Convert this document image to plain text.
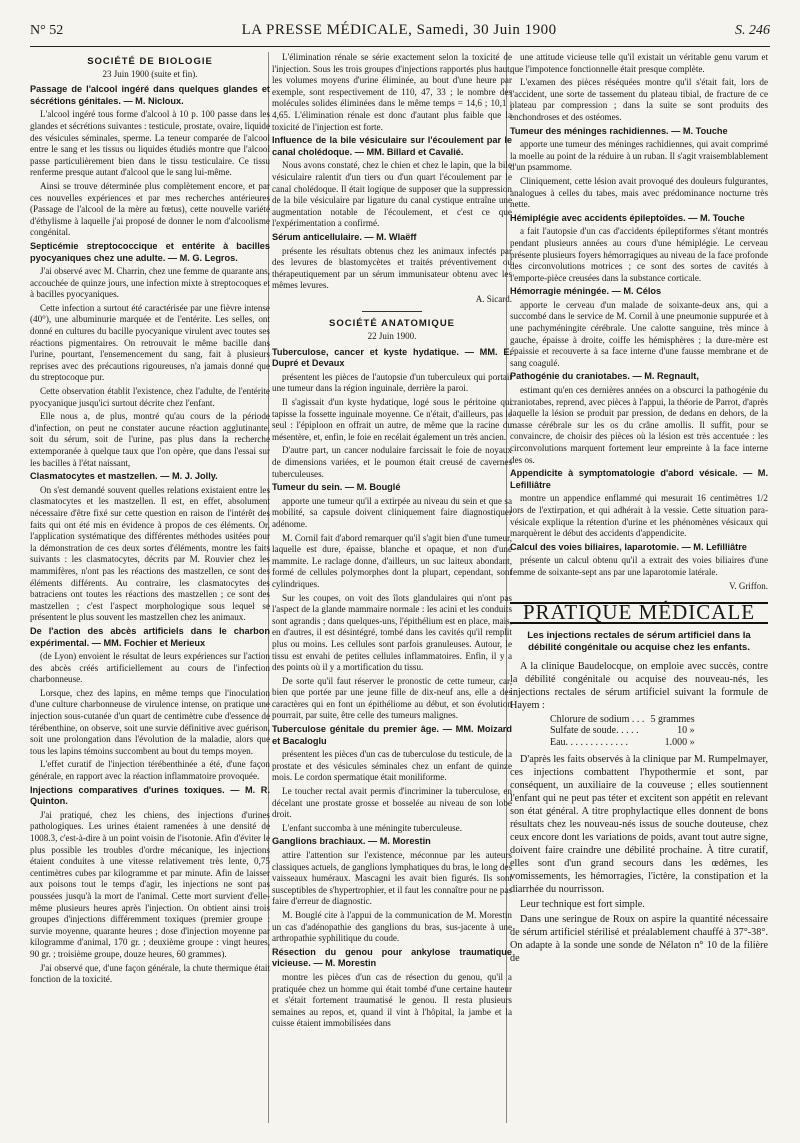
N° 52	LA PRESSE MÉDICALE, Samedi, 30 Juin 1900	S. 246
SOCIÉTÉ DE BIOLOGIE
23 Juin 1900 (suite et fin).

Passage de l'alcool ingéré dans quelques glandes et sécrétions génitales. — M. Nicloux.

L'alcool ingéré tous forme d'alcool à 10 p. 100 passe dans les glandes et sécrétions suivantes : testicule, prostate, ovaire, liquide des vésicules séminales, sperme. La teneur comparée de l'alcool entre le sang et les tissus ou liquides étudiés montre que l'alcool passe particulièrement bien dans le tissu testiculaire. Ce tissu renferme presque autant d'alcool que le sang lui-même.

Ainsi se trouve déterminée plus complètement encore, et par ces nouvelles expériences et par mes recherches antérieures (Passage de l'alcool de la mère au fœtus), cette nouvelle variété d'éthylisme à laquelle j'ai proposé de donner le nom d'alcoolisme congénital.

Septicémie streptococcique et entérite à bacilles pyocyaniques chez une adulte. — M. G. Legros.

J'ai observé avec M. Charrin, chez une femme de quarante ans, accouchée de quinze jours, une infection mixte à streptocoques et à bacilles pyocyaniques.

Cette infection a surtout été caractérisée par une fièvre intense (40°), une albuminurie marquée et de l'entérite. Les selles, ont donné en cultures du bacille pyocyanique virulent avec toutes ses réactions pigmentaires. On retrouvait le même bacille dans l'urine, pourtant, l'ensemencement du sang, fait à plusieurs reprises avec des précautions rigoureuses, n'a jamais donné que du streptocoque pur.

Cette observation établit l'existence, chez l'adulte, de l'entérite pyocyanique jusqu'ici surtout décrite chez l'enfant.

Elle nous a, de plus, montré qu'au cours de la période d'infection, on peut ne constater aucune réaction agglutinante, soit du sérum, soit de l'urine, pas plus dans la recherche extemporanée à quelque taux que l'on opère, que dans l'essai sur les bacilles à l'état naissant,

Clasmatocytes et mastzellen. — M. J. Jolly.

On s'est demandé souvent quelles relations existaient entre les clasmatocytes et les mastzellen. Il est, en effet, absolument nécessaire d'être fixé sur cette question en raison de l'intérêt des faits qui ont été mis en évidence à propos de ces éléments. Or, l'application systématique des différentes méthodes usitées pour la démonstration de ces deux sortes d'éléments, montre les faits suivants : les clasmatocytes, décrits par M. Rouvier chez les mammifères, n'ont pas les réactions des mastzellen, ce sont des éléments différents. Au contraire, les clasmatocytes des batraciens ont toutes les réactions des mastzellen ; ce sont des mastzellen ; c'est l'aspect morphologique sous lequel se présentent le plus souvent les mastzellen chez les animaux.

De l'action des abcès artificiels dans le charbon expérimental. — MM. Fochier et Merieux

(de Lyon) envoient le résultat de leurs expériences sur l'action des abcès créés artificiellement au cours de l'infection charbonneuse.

Lorsque, chez des lapins, en même temps que l'inoculation d'une culture charbonneuse de virulence intense, on pratique une injection sous-cutanée d'un quart de centimètre cube d'essence de térébenthine, on observe, soit une survie définitive avec guérison, soit une prolongation dans l'évolution de la maladie, alors que tous les lapins témoins succombent au bout du temps moyen.

L'effet curatif de l'injection térébenthinée a été, d'une façon générale, en rapport avec la réaction inflammatoire provoquée.

Injections comparatives d'urines toxiques. — M. R. Quinton.

J'ai pratiqué, chez les chiens, des injections d'urines pathologiques. Les urines étaient ramenées à une densité de 1008.3, c'est-à-dire à un point voisin de l'isotonie. Afin d'éviter le plus possible les troubles d'ordre mécanique, les injections étaient conduites à une vitesse relativement très lente, 0,75 centimètres cubes par kilogramme et par minute. Afin de laisser aux poisons tout le temps d'agir, les injections ne sont pas poussées jusqu'à la mort de l'animal. Cette mort survient d'elle-même plusieurs heures après l'injection. On obtient ainsi trois groupes d'injections différemment toxiques (premier groupe : survie moyenne, quarante heures ; dose d'injection moyenne par kilogramme d'animal, 170 gr. ; deuxième groupe : vingt heures, 90 gr. ; troisième groupe, douze heures, 60 grammes).

J'ai observé que, d'une façon générale, la chute thermique était fonction de la toxicité.

L'élimination rénale se série exactement selon la toxicité de l'injection. Sous les trois groupes d'injections rapportés plus haut, les volumes moyens d'urine éliminée, au bout d'une heure par exemple, sont respectivement de 110, 47, 33 ; le nombre des molécules solides éliminées dans le même temps = 14,6 ; 10,1 ; 4,65. L'élimination rénale est donc d'autant plus faible que la toxicité de l'injection est forte.

Influence de la bile vésiculaire sur l'écoulement par le canal cholédoque. — MM. Billard et Cavalié.

Nous avons constaté, chez le chien et chez le lapin, que la bile vésiculaire ralentit d'un tiers ou d'un quart l'écoulement par le canal cholédoque. Il était logique de supposer que la suppression de la bile vésiculaire par ligature du canal cystique entraîne une augmentation notable de l'écoulement, et c'est ce que l'expérimentation a confirmé.

Sérum anticellulaire. — M. Wlaëff

présente les résultats obtenus chez les animaux infectés par des levures de blastomycètes et traités préventivement ou thérapeutiquement par un sérum immunisateur obtenu avec les mêmes levures.

A. Sicard.
SOCIÉTÉ ANATOMIQUE
22 Juin 1900.

Tuberculose, cancer et kyste hydatique. — MM. E. Dupré et Devaux

présentent les pièces de l'autopsie d'un tuberculeux qui portait une tumeur dans la région inguinale, derrière la paroi.

Il s'agissait d'un kyste hydatique, logé sous le péritoine qui tapisse la fossette inguinale moyenne. Ce n'était, d'ailleurs, pas le seul : l'épiploon en offrait un autre, de même que la racine du mésentère, et, enfin, le foie en recélait également un très ancien.

D'autre part, un cancer nodulaire farcissait le foie de noyaux de dimensions variées, et le poumon était creusé de cavernes tuberculeuses.

Tumeur du sein. — M. Bouglé

apporte une tumeur qu'il a extirpée au niveau du sein et que sa mobilité, sa capsule doivent cliniquement faire diagnostiquer adénome.

M. Cornil fait d'abord remarquer qu'il s'agit bien d'une tumeur, laquelle est dure, épaisse, blanche et opaque, et non d'une mammite. Le raclage donne, d'ailleurs, un suc laiteux abondant, formé de cellules polymorphes dont la plupart, cependant, sont cylindriques.

Sur les coupes, on voit des îlots glandulaires qui n'ont pas l'aspect de la glande mammaire normale : les acini et les conduits sont agrandis ; dans quelques-uns, l'épithélium est en place, mais, en d'autres, il est désintégré, tombé dans les cavités qu'il remplit plus ou moins. Les cellules sont parfois granuleuses. Autour, le tissu est envahi de petites cellules inflammatoires. Enfin, il y a des points où il y a mortification du tissu.

De sorte qu'il faut réserver le pronostic de cette tumeur, car, bien que portée par une jeune fille de dix-neuf ans, elle a des caractères qui en font un épithéliome au début, et son évolution pourrait, par suite, être celle des tumeurs malignes.

Tuberculose génitale du premier âge. — MM. Moizard et Bacaloglu

présentent les pièces d'un cas de tuberculose du testicule, de la prostate et des vésicules séminales chez un enfant de quinze mois. Le cordon spermatique était moniliforme.

Le toucher rectal avait permis d'incriminer la tuberculose, en décelant une prostate grosse et bosselée au niveau de son lobe droit.

L'enfant succomba à une méningite tuberculeuse.

Ganglions brachiaux. — M. Morestin

attire l'attention sur l'existence, méconnue par les auteurs classiques actuels, de ganglions lymphatiques du bras, le long des vaisseaux huméraux. Mascagni les avait bien figurés. Ils sont susceptibles de s'hypertrophier, et il faut les connaître pour ne pas faire d'erreur de diagnostic.

M. Bouglé cite à l'appui de la communication de M. Morestin un cas d'adénopathie des ganglions du bras, sus-jacente à une arthropathie syphilitique du coude.

Résection du genou pour ankylose traumatique vicieuse. — M. Morestin

montre les pièces d'un cas de résection du genou, qu'il a pratiquée chez un homme qui était tombé d'une certaine hauteur et s'était fortement traumatisé le genou. Il resta plusieurs semaines au repos, et, quand il vint à l'hôpital, la jambe et la cuisse étaient immobilisées dans

une attitude vicieuse telle qu'il existait un véritable genu varum et que l'impotence fonctionnelle était presque complète.

L'examen des pièces réséquées montre qu'il s'était fait, lors de l'accident, une sorte de tassement du plateau tibial, de fracture de ce plateau par compression ; dans la suite se sont produits des enchondroses et des ostéomes.

Tumeur des méninges rachidiennes. — M. Touche

apporte une tumeur des méninges rachidiennes, qui avait comprimé la moelle au point de la réduire à un ruban. Il s'agit vraisemblablement d'un psammome.

Cliniquement, cette lésion avait provoqué des douleurs fulgurantes, analogues à celles du tabes, mais avec prédominance nocturne très nette.

Hémiplégie avec accidents épileptoïdes. — M. Touche

a fait l'autopsie d'un cas d'accidents épileptiformes s'étant montrés pendant plusieurs années au cours d'une hémiplégie. Le cerveau présente plusieurs foyers hémorragiques au niveau de la face profonde des circonvolutions motrices ; ce sont des sortes de cavités à l'emporte-pièce creusées dans la substance corticale.

Hémorragie méningée. — M. Célos

apporte le cerveau d'un malade de soixante-deux ans, qui a succombé dans le service de M. Cornil à une pneumonie suppurée et à une pachyméningite cérébrale. Une calotte sanguine, très mince à gauche, épaisse à droite, coiffe les hémisphères ; la dure-mère est épaissie et recouverte à sa face interne d'une fausse membrane et de sang coagulé.

Pathogénie du craniotabes. — M. Regnault,

estimant qu'en ces dernières années on a obscurci la pathogénie du craniotabes, reprend, avec pièces à l'appui, la théorie de Parrot, d'après laquelle la lésion se produit par pression, de dedans en dehors, de la masse cérébrale sur les os du crâne amollis. Il suffit, pour se convaincre, de choisir des pièces où la lésion est très accentuée : les circonvolutions marquent fortement leur empreinte à la face interne des os.

Appendicite à symptomatologie d'abord vésicale. — M. Lefilliâtre

montre un appendice enflammé qui mesurait 16 centimètres 1/2 lors de l'extirpation, et qui adhérait à la vessie. Cette situation para-vésicale explique la rétention d'urine et les phénomènes vésicaux qui marquèrent le début des accidents d'appendicite.

Calcul des voies biliaires, laparotomie. — M. Lefilliâtre

présente un calcul obtenu qu'il a extrait des voies biliaires d'une femme de soixante-sept ans par une laparotomie latérale.

V. Griffon.
PRATIQUE MÉDICALE
Les injections rectales de sérum artificiel dans la débilité congénitale ou acquise chez les enfants.

A la clinique Baudelocque, on emploie avec succès, contre la débilité congénitale ou acquise des nouveau-nés, les injections rectales de sérum artificiel suivant la formule de Hayem :

Chlorure de sodium . . .	5 grammes
Sulfate de soude. . . . .	10 »
Eau. . . . . . . . . . . . .	1.000 »

D'après les faits observés à la clinique par M. Rumpelmayer, ces injections combattent l'hypothermie et sont, par conséquent, un auxiliaire de la couveuse ; elles soutiennent l'enfant qui ne peut pas téter et excitent son appétit en relevant son état général. A titre prophylactique elles donnent de bons résultats chez les nouveau-nés issus de souche douteuse, chez ceux encore dont les variations de poids, avant tout autre signe, doivent faire craindre une débilité prochaine. À titre curatif, elles sont d'un grand secours dans les œdèmes, les vomissements, les hémorragies, l'ictère, la constipation et la diarrhée du nourrisson.

Leur technique est fort simple.

Dans une seringue de Roux on aspire la quantité nécessaire de sérum artificiel stérilisé et préalablement chauffé à 37°-38°. On adapte à la sonde une sonde de Nélaton n° 10 de la filière de
